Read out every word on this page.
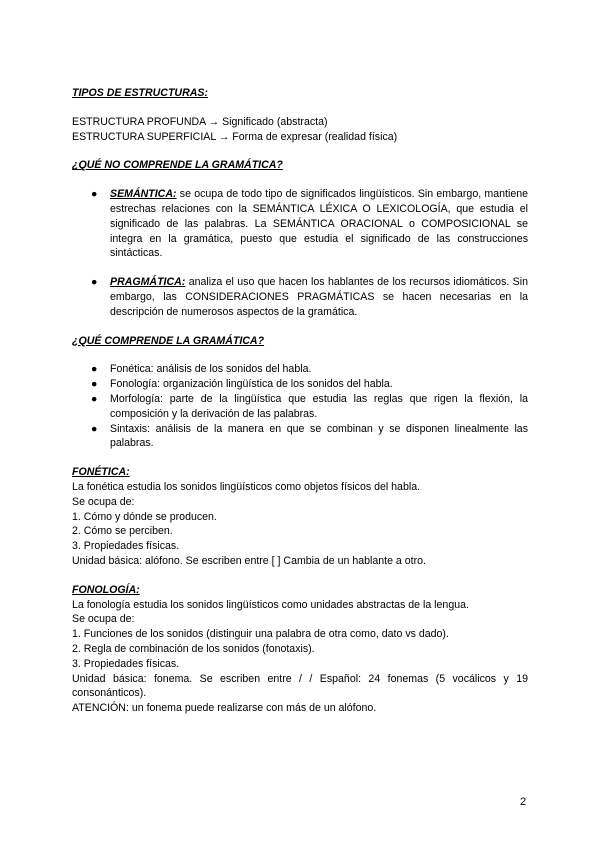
TIPOS DE ESTRUCTURAS:

ESTRUCTURA PROFUNDA → Significado (abstracta)

ESTRUCTURA SUPERFICIAL → Forma de expresar (realidad física)

¿QUÉ NO COMPRENDE LA GRAMÁTICA?

● SEMÁNTICA: se ocupa de todo tipo de significados lingüísticos. Sin embargo, mantiene estrechas relaciones con la SEMÁNTICA LÉXICA O LEXICOLOGÍA, que estudia el significado de las palabras. La SEMÁNTICA ORACIONAL o COMPOSICIONAL se integra en la gramática, puesto que estudia el significado de las construcciones sintácticas.
● PRAGMÁTICA: analiza el uso que hacen los hablantes de los recursos idiomáticos. Sin embargo, las CONSIDERACIONES PRAGMÁTICAS se hacen necesarias en la descripción de numerosos aspectos de la gramática.

¿QUÉ COMPRENDE LA GRAMÁTICA?

● Fonética: análisis de los sonidos del habla.
● Fonología: organización lingüística de los sonidos del habla.
● Morfología: parte de la lingüística que estudia las reglas que rigen la flexión, la composición y la derivación de las palabras.
● Sintaxis: análisis de la manera en que se combinan y se disponen linealmente las palabras.

FONÉTICA:

La fonética estudia los sonidos lingüísticos como objetos físicos del habla.

Se ocupa de:

1. Cómo y dónde se producen.

2. Cómo se perciben.

3. Propiedades físicas.

Unidad básica: alófono. Se escriben entre [ ] Cambia de un hablante a otro.

FONOLOGÍA:

La fonología estudia los sonidos lingüísticos como unidades abstractas de la lengua.

Se ocupa de:

1. Funciones de los sonidos (distinguir una palabra de otra como, dato vs dado).

2. Regla de combinación de los sonidos (fonotaxis).

3. Propiedades físicas.

Unidad básica: fonema. Se escriben entre / / Español: 24 fonemas (5 vocálicos y 19 consonánticos).

ATENCIÓN: un fonema puede realizarse con más de un alófono.

2
